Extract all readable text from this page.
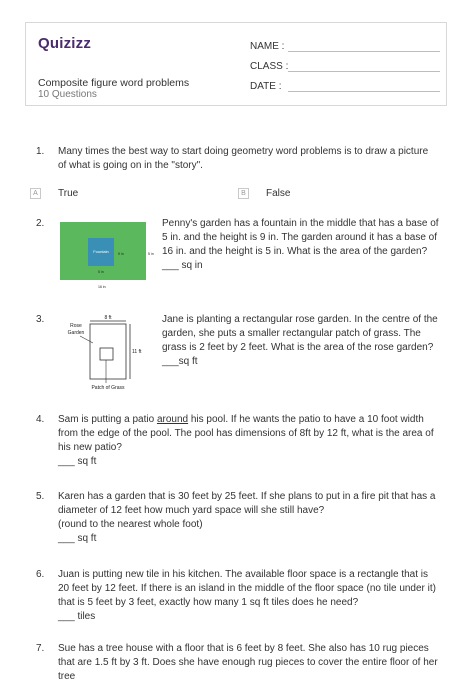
Quizizz
Composite figure word problems
10 Questions
NAME :
CLASS :
DATE :
1. Many times the best way to start doing geometry word problems is to draw a picture of what is going on in the "story".
A	True	B	False
2.
Fountain	9 in
5 in
5 in
16 in
Penny's garden has a fountain in the middle that has a base of 5 in. and the height is 9 in. The garden around it has a base of 16 in. and the height is 5 in. What is the area of the garden?
___ sq in
3.	8 ft
Rose
Garden
11 ft
Patch of Grass
Jane is planting a rectangular rose garden. In the centre of the garden, she puts a smaller rectangular patch of grass. The grass is 2 feet by 2 feet. What is the area of the rose garden?
___sq ft
4. Sam is putting a patio around his pool. If he wants the patio to have a 10 foot width from the edge of the pool. The pool has dimensions of 8ft by 12 ft, what is the area of his new patio?
___ sq ft
5. Karen has a garden that is 30 feet by 25 feet. If she plans to put in a fire pit that has a diameter of 12 feet how much yard space will she still have?
(round to the nearest whole foot)
___ sq ft
6. Juan is putting new tile in his kitchen. The available floor space is a rectangle that is 20 feet by 12 feet. If there is an island in the middle of the floor space (no tile under it) that is 5 feet by 3 feet, exactly how many 1 sq ft tiles does he need?
___ tiles
7. Sue has a tree house with a floor that is 6 feet by 8 feet. She also has 10 rug pieces that are 1.5 ft by 3 ft. Does she have enough rug pieces to cover the entire floor of her tree
